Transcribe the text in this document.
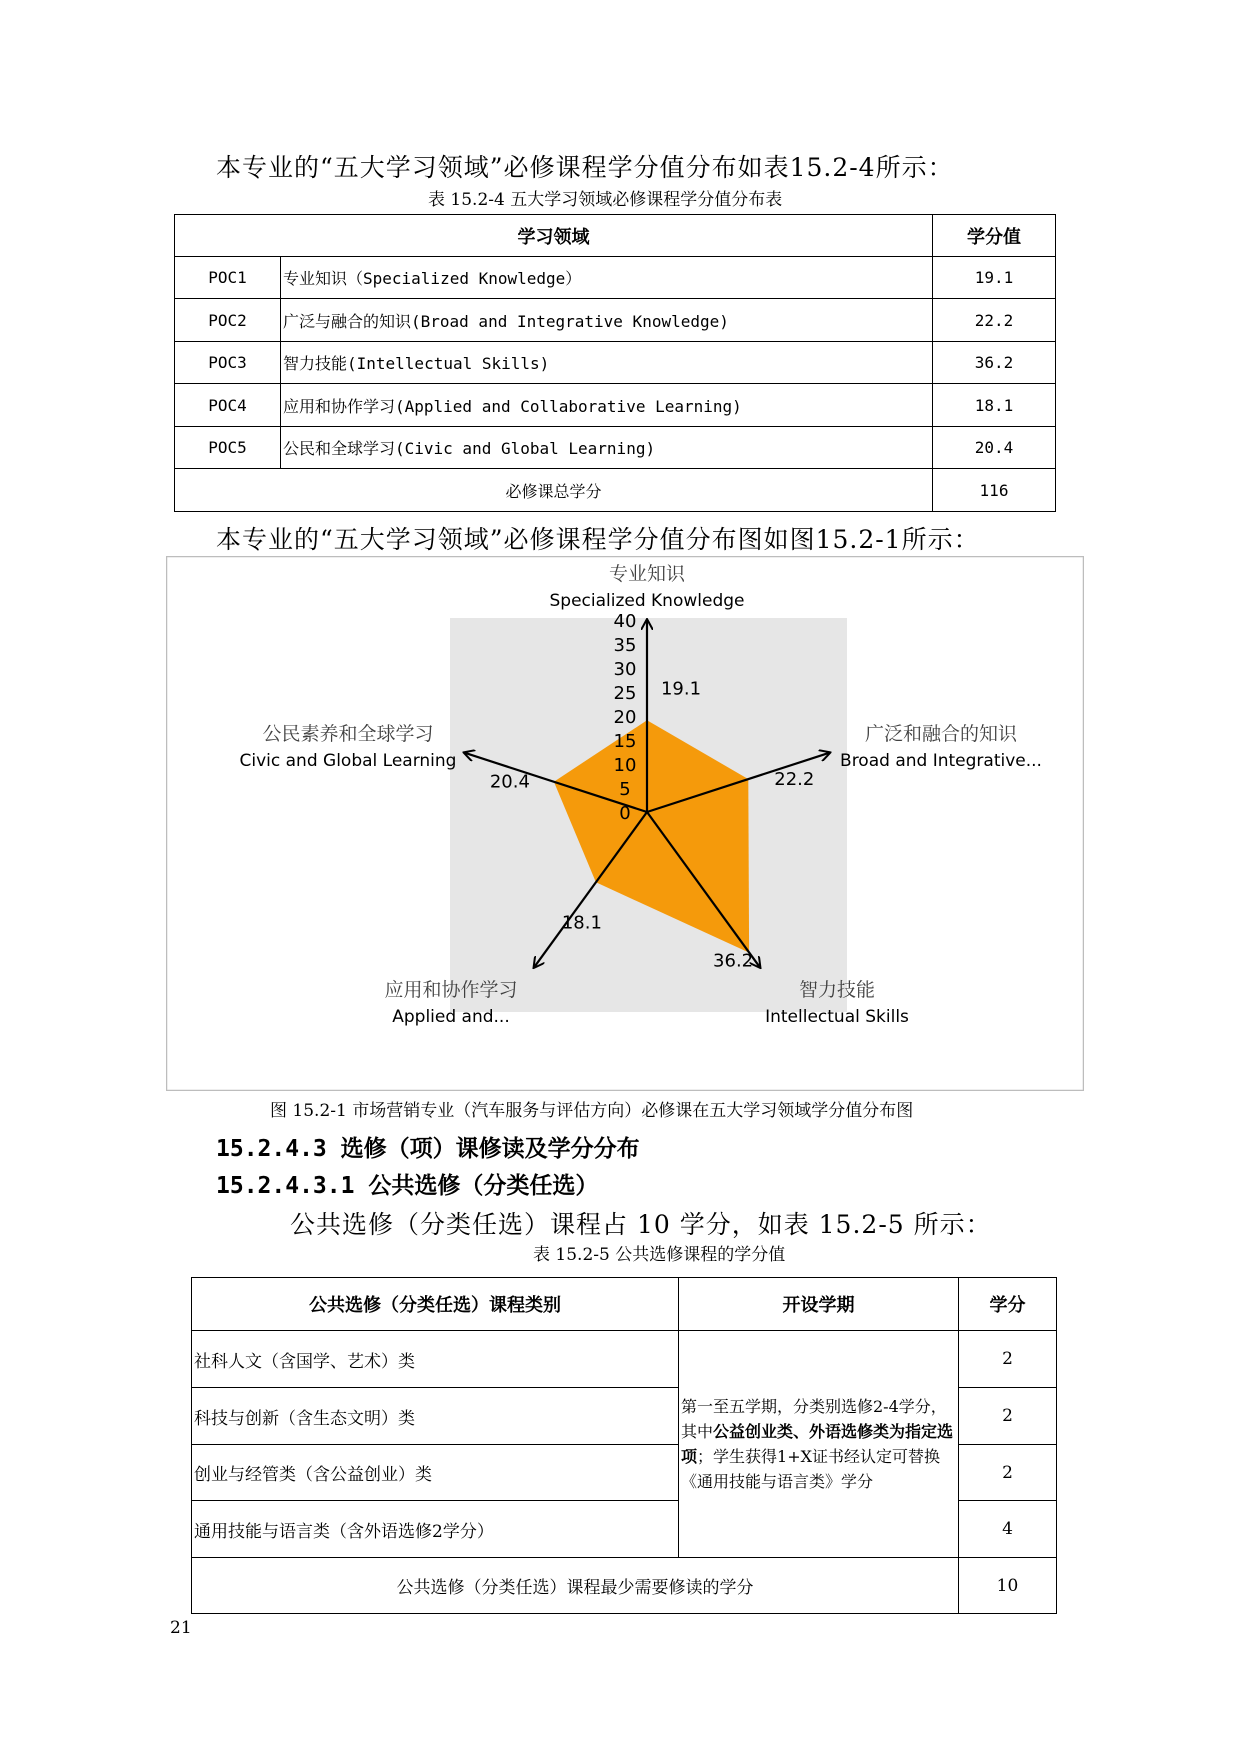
本专业的“五大学习领域”必修课程学分值分布如表15.2-4所示：
表 15.2-4 五大学习领域必修课程学分值分布表
学习领域		学分值
POC1	专业知识（Specialized Knowledge）	19.1
POC2	广泛与融合的知识(Broad and Integrative Knowledge)	22.2
POC3	智力技能(Intellectual Skills)	36.2
POC4	应用和协作学习(Applied and Collaborative Learning)	18.1
POC5	公民和全球学习(Civic and Global Learning)	20.4
必修课总学分		116
本专业的“五大学习领域”必修课程学分值分布图如图15.2-1所示：
0
5
10
15
20
25
30
35
40
19.1
22.2
36.2
18.1
20.4
专业知识
Specialized Knowledge
广泛和融合的知识
Broad and Integrative...
智力技能
Intellectual Skills
应用和协作学习
Applied and...
公民素养和全球学习
Civic and Global Learning
图 15.2-1 市场营销专业（汽车服务与评估方向）必修课在五大学习领域学分值分布图
15.2.4.3 选修（项）课修读及学分分布
15.2.4.3.1 公共选修（分类任选）
公共选修（分类任选）课程占 10 学分，如表 15.2-5 所示：
表 15.2-5 公共选修课程的学分值
公共选修（分类任选）课程类别	开设学期	学分
社科人文（含国学、艺术）类	第一至五学期，分类别选修2-4学分，其中公益创业类、外语选修类为指定选项；学生获得1+X证书经认定可替换《通用技能与语言类》学分	2
科技与创新（含生态文明）类		2
创业与经管类（含公益创业）类		2
通用技能与语言类（含外语选修2学分）		4
公共选修（分类任选）课程最少需要修读的学分		10
21
